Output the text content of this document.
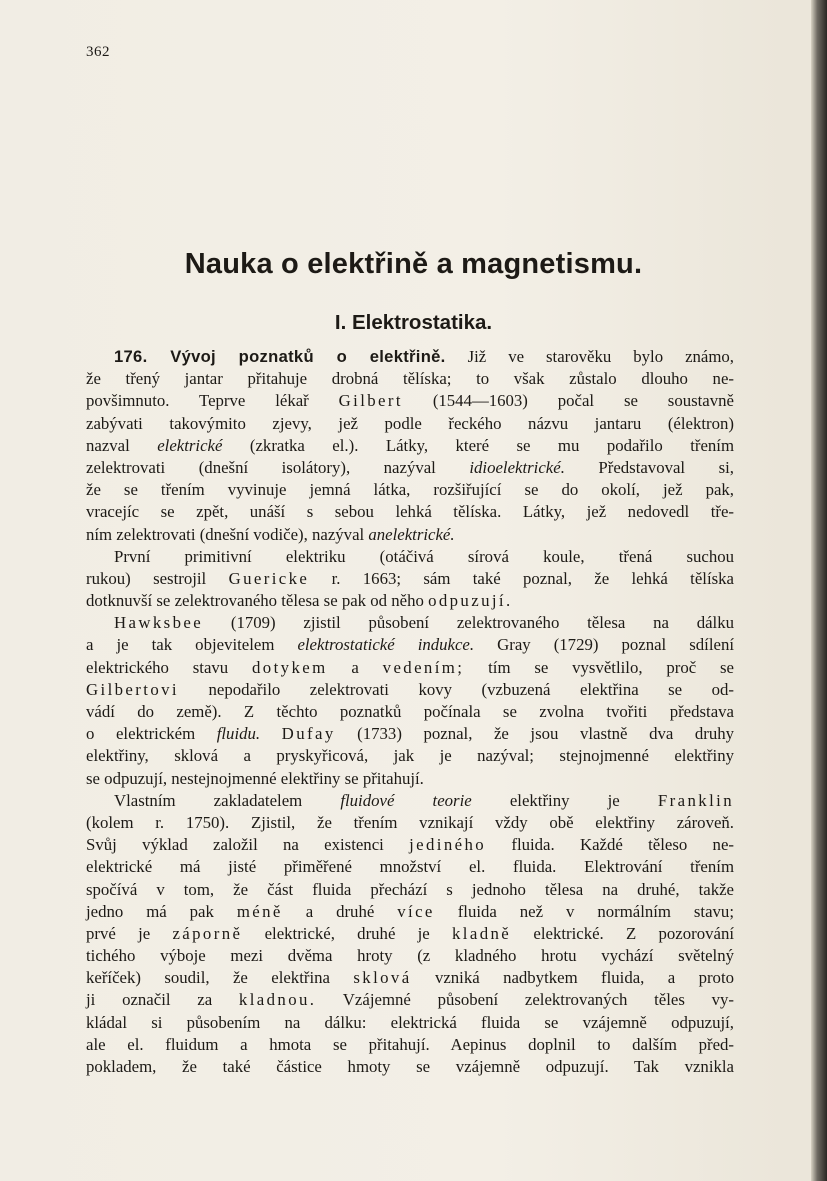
362
Nauka o elektřině a magnetismu.
I. Elektrostatika.
176. Vývoj poznatků o elektřině. Již ve starověku bylo známo,
že třený jantar přitahuje drobná tělíska; to však zůstalo dlouho ne-
povšimnuto. Teprve lékař Gilbert (1544—1603) počal se soustavně
zabývati takovýmito zjevy, jež podle řeckého názvu jantaru (élektron)
nazval elektrické (zkratka el.). Látky, které se mu podařilo třením
zelektrovati (dnešní isolátory), nazýval idioelektrické. Představoval si,
že se třením vyvinuje jemná látka, rozšiřující se do okolí, jež pak,
vracejíc se zpět, unáší s sebou lehká tělíska. Látky, jež nedovedl tře-
ním zelektrovati (dnešní vodiče), nazýval anelektrické.
První primitivní elektriku (otáčivá sírová koule, třená suchou
rukou) sestrojil Guericke r. 1663; sám také poznal, že lehká tělíska
dotknuvší se zelektrovaného tělesa se pak od něho odpuzují.
Hawksbee (1709) zjistil působení zelektrovaného tělesa na dálku
a je tak objevitelem elektrostatické indukce. Gray (1729) poznal sdílení
elektrického stavu dotykem a vedením; tím se vysvětlilo, proč se
Gilbertovi nepodařilo zelektrovati kovy (vzbuzená elektřina se od-
vádí do země). Z těchto poznatků počínala se zvolna tvořiti představa
o elektrickém fluidu. Dufay (1733) poznal, že jsou vlastně dva druhy
elektřiny, sklová a pryskyřicová, jak je nazýval; stejnojmenné elektřiny
se odpuzují, nestejnojmenné elektřiny se přitahují.
Vlastním zakladatelem fluidové teorie elektřiny je Franklin
(kolem r. 1750). Zjistil, že třením vznikají vždy obě elektřiny zároveň.
Svůj výklad založil na existenci jediného fluida. Každé těleso ne-
elektrické má jisté přiměřené množství el. fluida. Elektrování třením
spočívá v tom, že část fluida přechází s jednoho tělesa na druhé, takže
jedno má pak méně a druhé více fluida než v normálním stavu;
prvé je záporně elektrické, druhé je kladně elektrické. Z pozorování
tichého výboje mezi dvěma hroty (z kladného hrotu vychází světelný
keříček) soudil, že elektřina sklová vzniká nadbytkem fluida, a proto
ji označil za kladnou. Vzájemné působení zelektrovaných těles vy-
kládal si působením na dálku: elektrická fluida se vzájemně odpuzují,
ale el. fluidum a hmota se přitahují. Aepinus doplnil to dalším před-
pokladem, že také částice hmoty se vzájemně odpuzují. Tak vznikla
